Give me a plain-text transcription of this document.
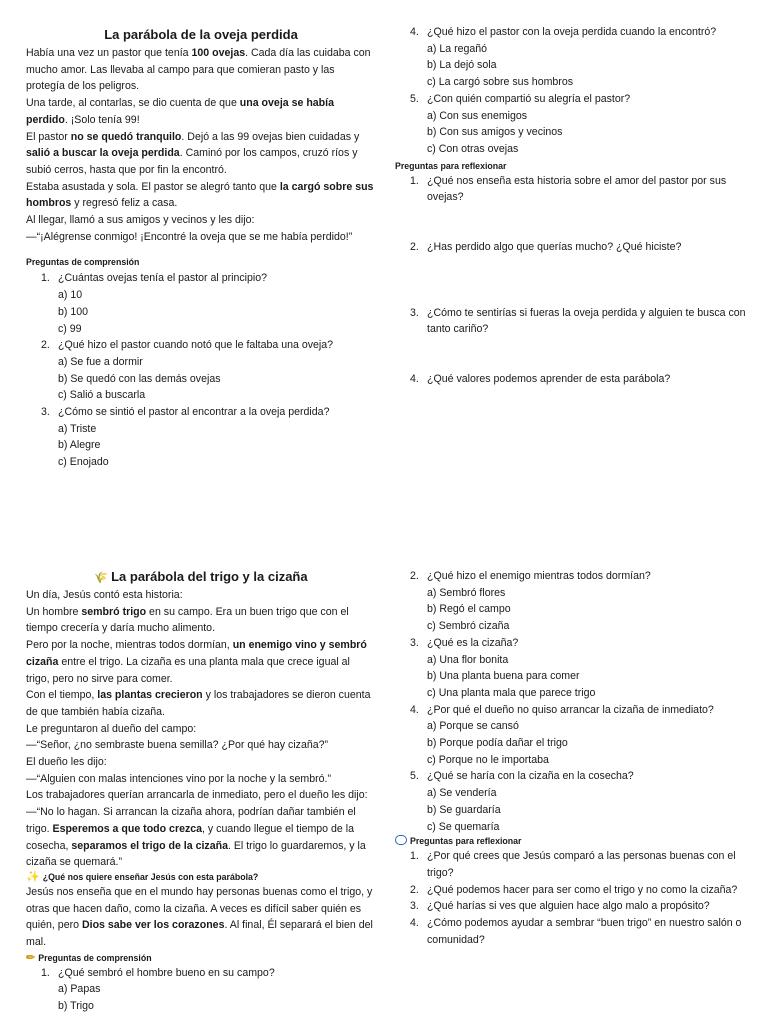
La parábola de la oveja perdida

Había una vez un pastor que tenía 100 ovejas. Cada día las cuidaba con mucho amor. Las llevaba al campo para que comieran pasto y las protegía de los peligros.

Una tarde, al contarlas, se dio cuenta de que una oveja se había perdido. ¡Solo tenía 99!

El pastor no se quedó tranquilo. Dejó a las 99 ovejas bien cuidadas y salió a buscar la oveja perdida. Caminó por los campos, cruzó ríos y subió cerros, hasta que por fin la encontró.

Estaba asustada y sola. El pastor se alegró tanto que la cargó sobre sus hombros y regresó feliz a casa.

Al llegar, llamó a sus amigos y vecinos y les dijo:

—“¡Alégrense conmigo! ¡Encontré la oveja que se me había perdido!”

Preguntas de comprensión
1. ¿Cuántas ovejas tenía el pastor al principio?
a) 10
b) 100
c) 99
2. ¿Qué hizo el pastor cuando notó que le faltaba una oveja?
a) Se fue a dormir
b) Se quedó con las demás ovejas
c) Salió a buscarla
3. ¿Cómo se sintió el pastor al encontrar a la oveja perdida?
a) Triste
b) Alegre
c) Enojado
4. ¿Qué hizo el pastor con la oveja perdida cuando la encontró?
a) La regañó
b) La dejó sola
c) La cargó sobre sus hombros
5. ¿Con quién compartió su alegría el pastor?
a) Con sus enemigos
b) Con sus amigos y vecinos
c) Con otras ovejas
Preguntas para reflexionar
1. ¿Qué nos enseña esta historia sobre el amor del pastor por sus ovejas?
2. ¿Has perdido algo que querías mucho? ¿Qué hiciste?
3. ¿Cómo te sentirías si fueras la oveja perdida y alguien te busca con tanto cariño?
4. ¿Qué valores podemos aprender de esta parábola?
🌾 La parábola del trigo y la cizaña

Un día, Jesús contó esta historia:

Un hombre sembró trigo en su campo. Era un buen trigo que con el tiempo crecería y daría mucho alimento.

Pero por la noche, mientras todos dormían, un enemigo vino y sembró cizaña entre el trigo. La cizaña es una planta mala que crece igual al trigo, pero no sirve para comer.

Con el tiempo, las plantas crecieron y los trabajadores se dieron cuenta de que también había cizaña.

Le preguntaron al dueño del campo:

—“Señor, ¿no sembraste buena semilla? ¿Por qué hay cizaña?”

El dueño les dijo:

—“Alguien con malas intenciones vino por la noche y la sembró.”

Los trabajadores querían arrancarla de inmediato, pero el dueño les dijo:

—“No lo hagan. Si arrancan la cizaña ahora, podrían dañar también el trigo. Esperemos a que todo crezca, y cuando llegue el tiempo de la cosecha, separamos el trigo de la cizaña. El trigo lo guardaremos, y la cizaña se quemará.”

✨ ¿Qué nos quiere enseñar Jesús con esta parábola?

Jesús nos enseña que en el mundo hay personas buenas como el trigo, y otras que hacen daño, como la cizaña. A veces es difícil saber quién es quién, pero Dios sabe ver los corazones. Al final, Él separará el bien del mal.

✏ Preguntas de comprensión
1. ¿Qué sembró el hombre bueno en su campo?
a) Papas
b) Trigo
2. ¿Qué hizo el enemigo mientras todos dormían?
a) Sembró flores
b) Regó el campo
c) Sembró cizaña
3. ¿Qué es la cizaña?
a) Una flor bonita
b) Una planta buena para comer
c) Una planta mala que parece trigo
4. ¿Por qué el dueño no quiso arrancar la cizaña de inmediato?
a) Porque se cansó
b) Porque podía dañar el trigo
c) Porque no le importaba
5. ¿Qué se haría con la cizaña en la cosecha?
a) Se vendería
b) Se guardaría
c) Se quemaría
Preguntas para reflexionar
1. ¿Por qué crees que Jesús comparó a las personas buenas con el trigo?
2. ¿Qué podemos hacer para ser como el trigo y no como la cizaña?
3. ¿Qué harías si ves que alguien hace algo malo a propósito?
4. ¿Cómo podemos ayudar a sembrar “buen trigo” en nuestro salón o comunidad?
